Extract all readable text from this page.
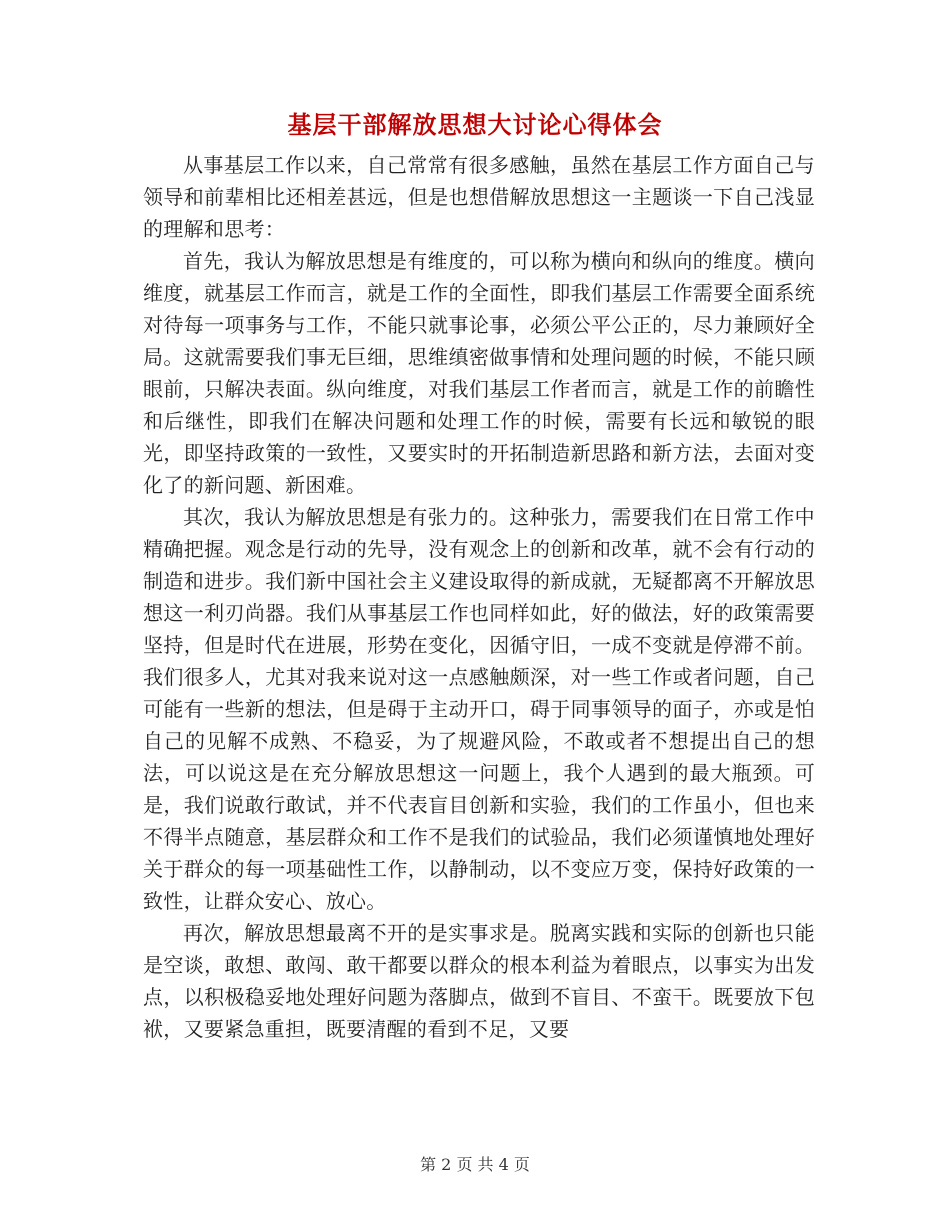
基层干部解放思想大讨论心得体会

从事基层工作以来，自己常常有很多感触，虽然在基层工作方面自己与领导和前辈相比还相差甚远，但是也想借解放思想这一主题谈一下自己浅显的理解和思考：

首先，我认为解放思想是有维度的，可以称为横向和纵向的维度。横向维度，就基层工作而言，就是工作的全面性，即我们基层工作需要全面系统对待每一项事务与工作，不能只就事论事，必须公平公正的，尽力兼顾好全局。这就需要我们事无巨细，思维缜密做事情和处理问题的时候，不能只顾眼前，只解决表面。纵向维度，对我们基层工作者而言，就是工作的前瞻性和后继性，即我们在解决问题和处理工作的时候，需要有长远和敏锐的眼光，即坚持政策的一致性，又要实时的开拓制造新思路和新方法，去面对变化了的新问题、新困难。

其次，我认为解放思想是有张力的。这种张力，需要我们在日常工作中精确把握。观念是行动的先导，没有观念上的创新和改革，就不会有行动的制造和进步。我们新中国社会主义建设取得的新成就，无疑都离不开解放思想这一利刃尚器。我们从事基层工作也同样如此，好的做法，好的政策需要坚持，但是时代在进展，形势在变化，因循守旧，一成不变就是停滞不前。我们很多人，尤其对我来说对这一点感触颇深，对一些工作或者问题，自己可能有一些新的想法，但是碍于主动开口，碍于同事领导的面子，亦或是怕自己的见解不成熟、不稳妥，为了规避风险，不敢或者不想提出自己的想法，可以说这是在充分解放思想这一问题上，我个人遇到的最大瓶颈。可是，我们说敢行敢试，并不代表盲目创新和实验，我们的工作虽小，但也来不得半点随意，基层群众和工作不是我们的试验品，我们必须谨慎地处理好关于群众的每一项基础性工作，以静制动，以不变应万变，保持好政策的一致性，让群众安心、放心。

再次，解放思想最离不开的是实事求是。脱离实践和实际的创新也只能是空谈，敢想、敢闯、敢干都要以群众的根本利益为着眼点，以事实为出发点，以积极稳妥地处理好问题为落脚点，做到不盲目、不蛮干。既要放下包袱，又要紧急重担，既要清醒的看到不足，又要

第 2 页 共 4 页
